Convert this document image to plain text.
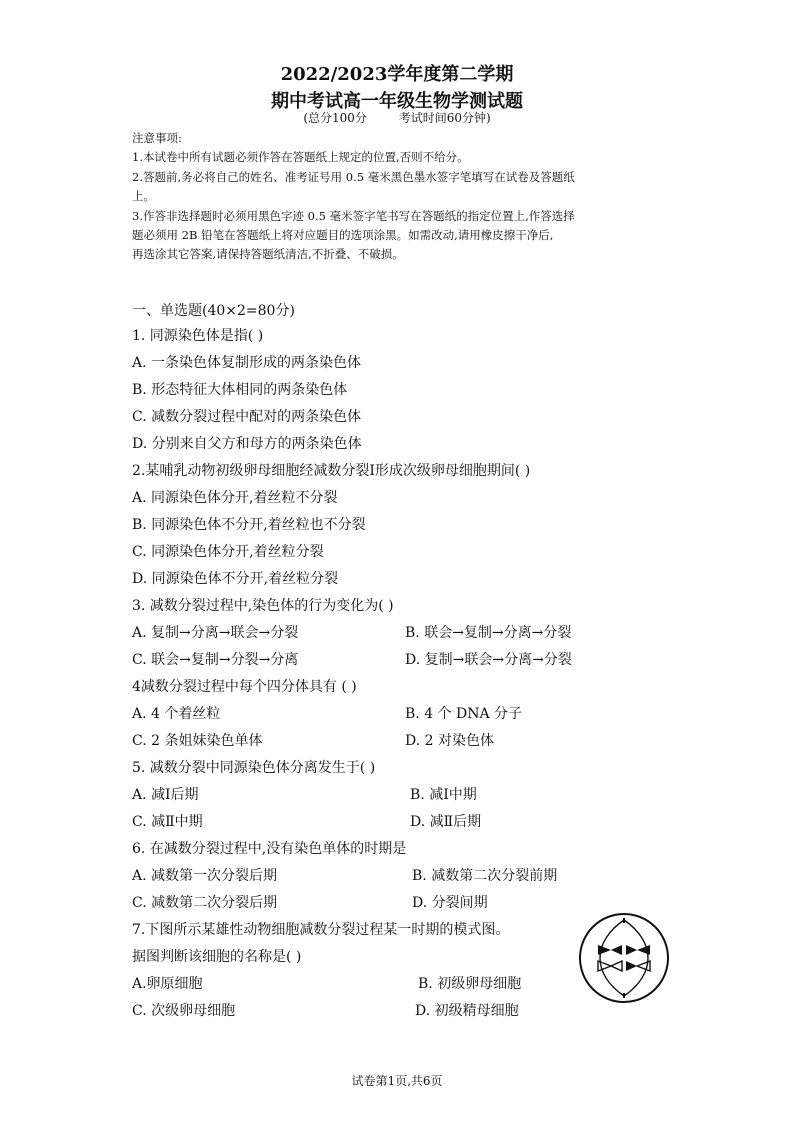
2022/2023学年度第二学期
期中考试高一年级生物学测试题
(总分100分	考试时间60分钟)
注意事项:
1.本试卷中所有试题必须作答在答题纸上规定的位置,否则不给分。
2.答题前,务必将自己的姓名、准考证号用 0.5 毫米黑色墨水签字笔填写在试卷及答题纸
上。
3.作答非选择题时必须用黑色字迹 0.5 毫米签字笔书写在答题纸的指定位置上,作答选择
题必须用 2B 铅笔在答题纸上将对应题目的选项涂黑。如需改动,请用橡皮擦干净后,
再选涂其它答案,请保持答题纸清洁,不折叠、不破损。
一、单选题(40×2=80分)
1. 同源染色体是指( )
A. 一条染色体复制形成的两条染色体
B. 形态特征大体相同的两条染色体
C. 减数分裂过程中配对的两条染色体
D. 分别来自父方和母方的两条染色体
2.某哺乳动物初级卵母细胞经减数分裂Ⅰ形成次级卵母细胞期间( )
A. 同源染色体分开,着丝粒不分裂
B. 同源染色体不分开,着丝粒也不分裂
C. 同源染色体分开,着丝粒分裂
D. 同源染色体不分开,着丝粒分裂
3. 减数分裂过程中,染色体的行为变化为( )
A. 复制→分离→联会→分裂	B. 联会→复制→分离→分裂
C. 联会→复制→分裂→分离	D. 复制→联会→分离→分裂
4减数分裂过程中每个四分体具有 ( )
A. 4 个着丝粒	B. 4 个 DNA 分子
C. 2 条姐妹染色单体	D. 2 对染色体
5. 减数分裂中同源染色体分离发生于( )
A. 减Ⅰ后期	B. 减Ⅰ中期
C. 减Ⅱ中期	D. 减Ⅱ后期
6. 在减数分裂过程中,没有染色单体的时期是
A. 减数第一次分裂后期	B. 减数第二次分裂前期
C. 减数第二次分裂后期	D. 分裂间期
7.下图所示某雄性动物细胞减数分裂过程某一时期的模式图。
据图判断该细胞的名称是( )
A.卵原细胞	B. 初级卵母细胞
C. 次级卵母细胞	D. 初级精母细胞
试卷第1页,共6页
